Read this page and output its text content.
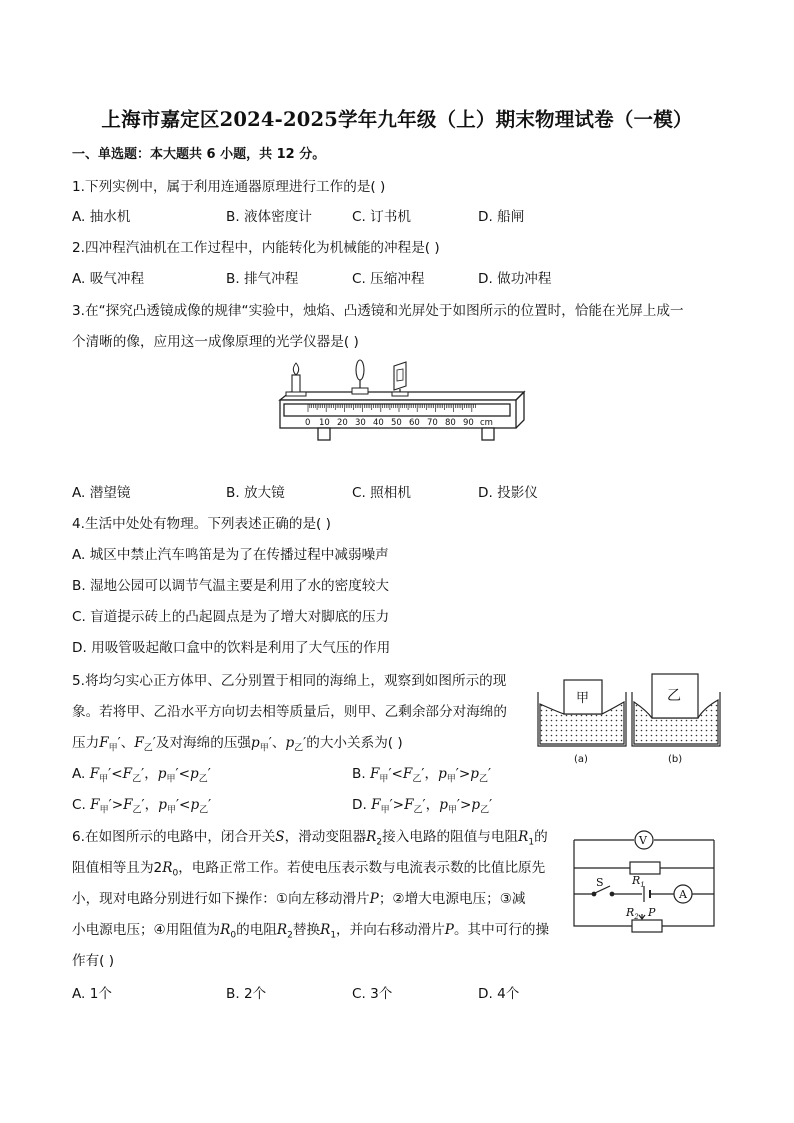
上海市嘉定区2024-2025学年九年级（上）期末物理试卷（一模）
一、单选题：本大题共 6 小题，共 12 分。
1.下列实例中，属于利用连通器原理进行工作的是( )
A. 抽水机	B. 液体密度计	C. 订书机	D. 船闸
2.四冲程汽油机在工作过程中，内能转化为机械能的冲程是( )
A. 吸气冲程	B. 排气冲程	C. 压缩冲程	D. 做功冲程
3.在“探究凸透镜成像的规律“实验中，烛焰、凸透镜和光屏处于如图所示的位置时，恰能在光屏上成一
个清晰的像，应用这一成像原理的光学仪器是( )
0 10 20 30 40 50 60 70 80 90 cm
A. 潜望镜	B. 放大镜	C. 照相机	D. 投影仪
4.生活中处处有物理。下列表述正确的是( )
A. 城区中禁止汽车鸣笛是为了在传播过程中减弱噪声
B. 湿地公园可以调节气温主要是利用了水的密度较大
C. 盲道提示砖上的凸起圆点是为了增大对脚底的压力
D. 用吸管吸起敞口盒中的饮料是利用了大气压的作用
5.将均匀实心正方体甲、乙分别置于相同的海绵上，观察到如图所示的现
象。若将甲、乙沿水平方向切去相等质量后，则甲、乙剩余部分对海绵的
压力$F_甲'$、$F_乙'$及对海绵的压强$p_甲'$、$p_乙'$的大小关系为( )
甲	乙
(a)	(b)
A. $F_甲'<F_乙'$，$p_甲'<p_乙'$	B. $F_甲'<F_乙'$，$p_甲'>p_乙'$
C. $F_甲'>F_乙'$，$p_甲'<p_乙'$	D. $F_甲'>F_乙'$，$p_甲'>p_乙'$
6.在如图所示的电路中，闭合开关S，滑动变阻器$R_2$接入电路的阻值与电阻$R_1$的
阻值相等且为$2R_0$，电路正常工作。若使电压表示数与电流表示数的比值比原先
小，现对电路分别进行如下操作：①向左移动滑片P；②增大电源电压；③减
小电源电压；④用阻值为$R_0$的电阻$R_2$替换$R_1$，并向右移动滑片P。其中可行的操
作有( )
V
A
S	$R_1$
$R_2$ P
A. 1个	B. 2个	C. 3个	D. 4个
